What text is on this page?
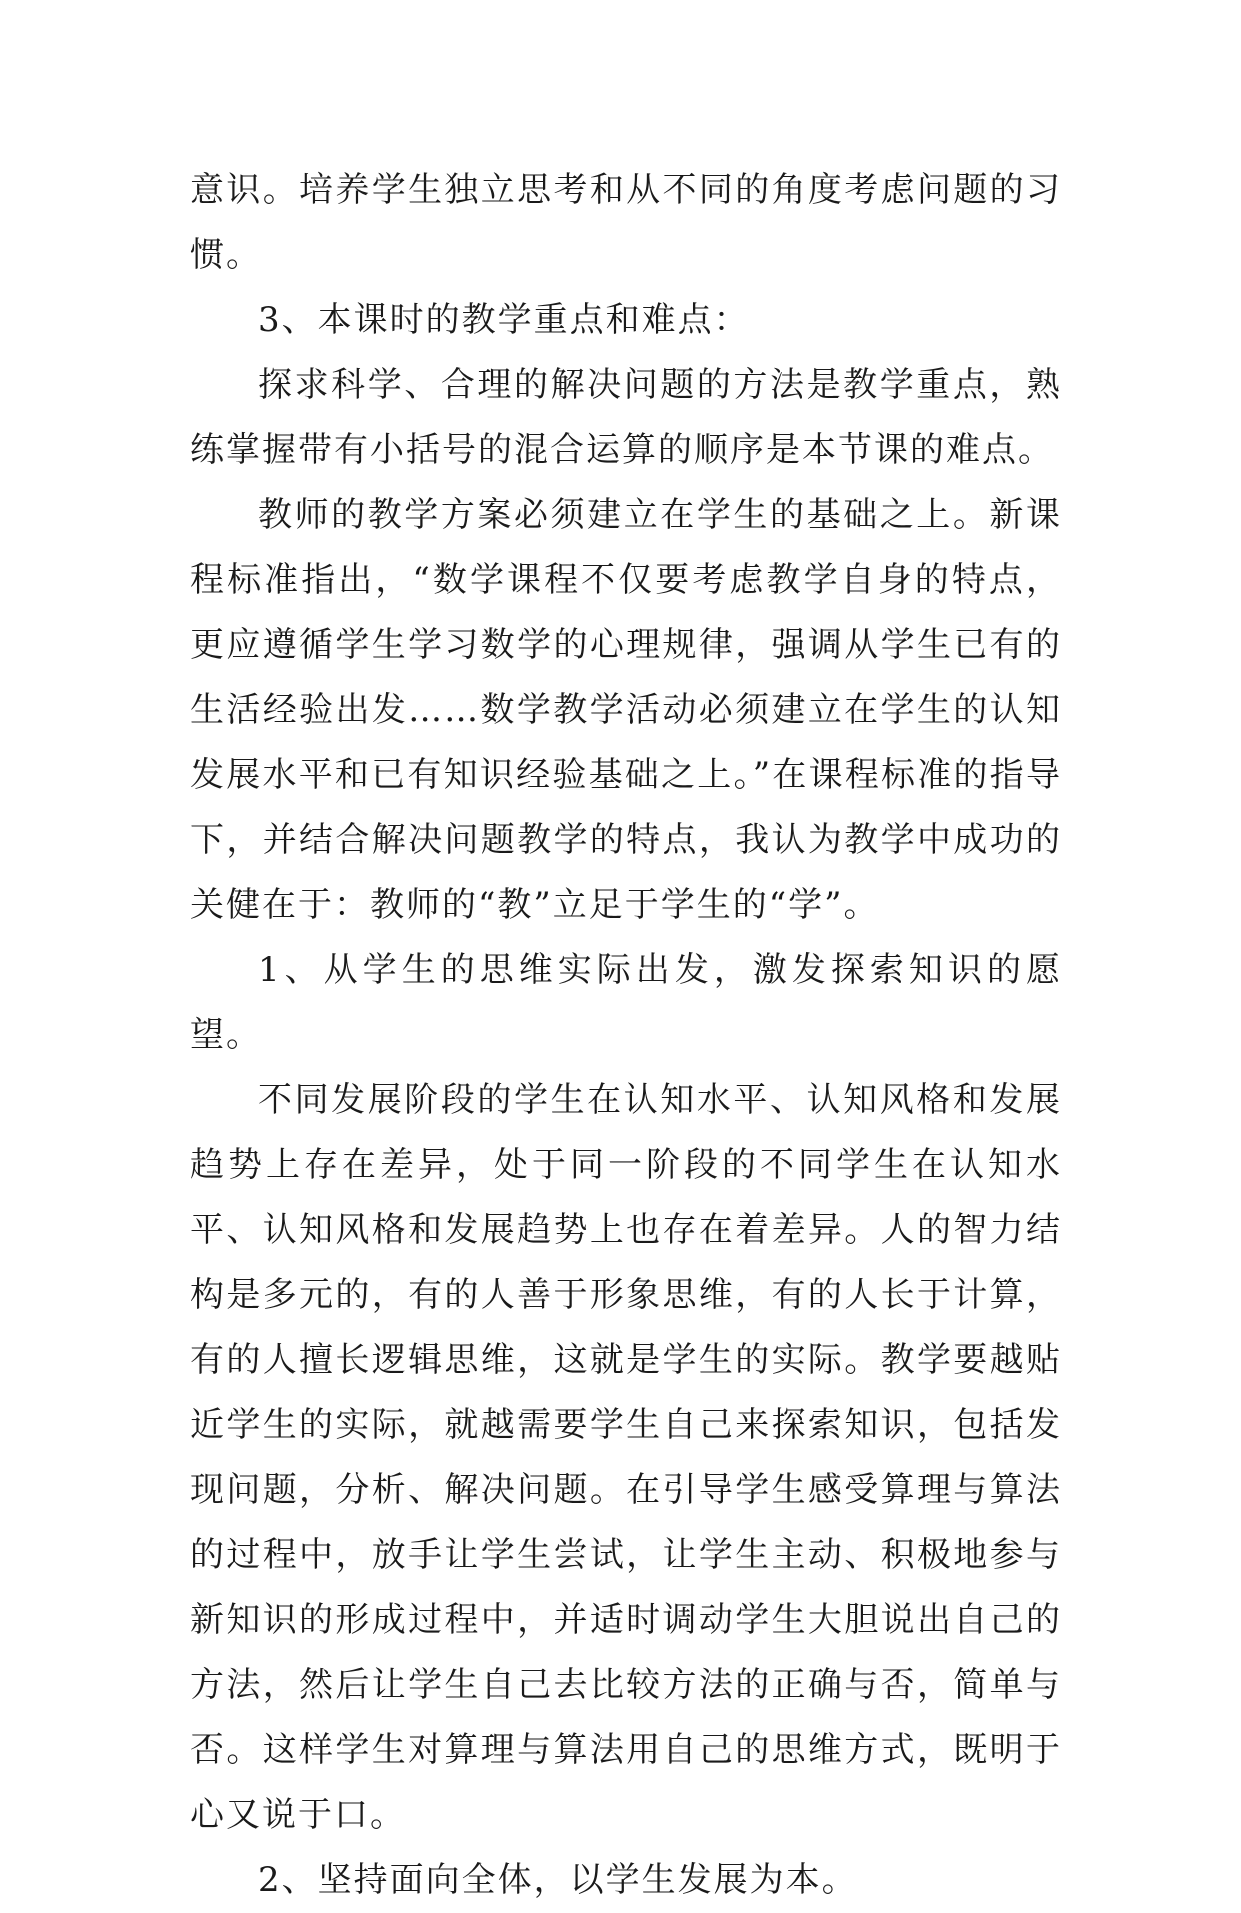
意识。培养学生独立思考和从不同的角度考虑问题的习惯。

3、本课时的教学重点和难点：

探求科学、合理的解决问题的方法是教学重点，熟练掌握带有小括号的混合运算的顺序是本节课的难点。

教师的教学方案必须建立在学生的基础之上。新课程标准指出，“数学课程不仅要考虑教学自身的特点，更应遵循学生学习数学的心理规律，强调从学生已有的生活经验出发……数学教学活动必须建立在学生的认知发展水平和已有知识经验基础之上。”在课程标准的指导下，并结合解决问题教学的特点，我认为教学中成功的关健在于：教师的“教”立足于学生的“学”。

1、从学生的思维实际出发，激发探索知识的愿望。

不同发展阶段的学生在认知水平、认知风格和发展趋势上存在差异，处于同一阶段的不同学生在认知水平、认知风格和发展趋势上也存在着差异。人的智力结构是多元的，有的人善于形象思维，有的人长于计算，有的人擅长逻辑思维，这就是学生的实际。教学要越贴近学生的实际，就越需要学生自己来探索知识，包括发现问题，分析、解决问题。在引导学生感受算理与算法的过程中，放手让学生尝试，让学生主动、积极地参与新知识的形成过程中，并适时调动学生大胆说出自己的方法，然后让学生自己去比较方法的正确与否，简单与否。这样学生对算理与算法用自己的思维方式，既明于心又说于口。

2、坚持面向全体，以学生发展为本。
